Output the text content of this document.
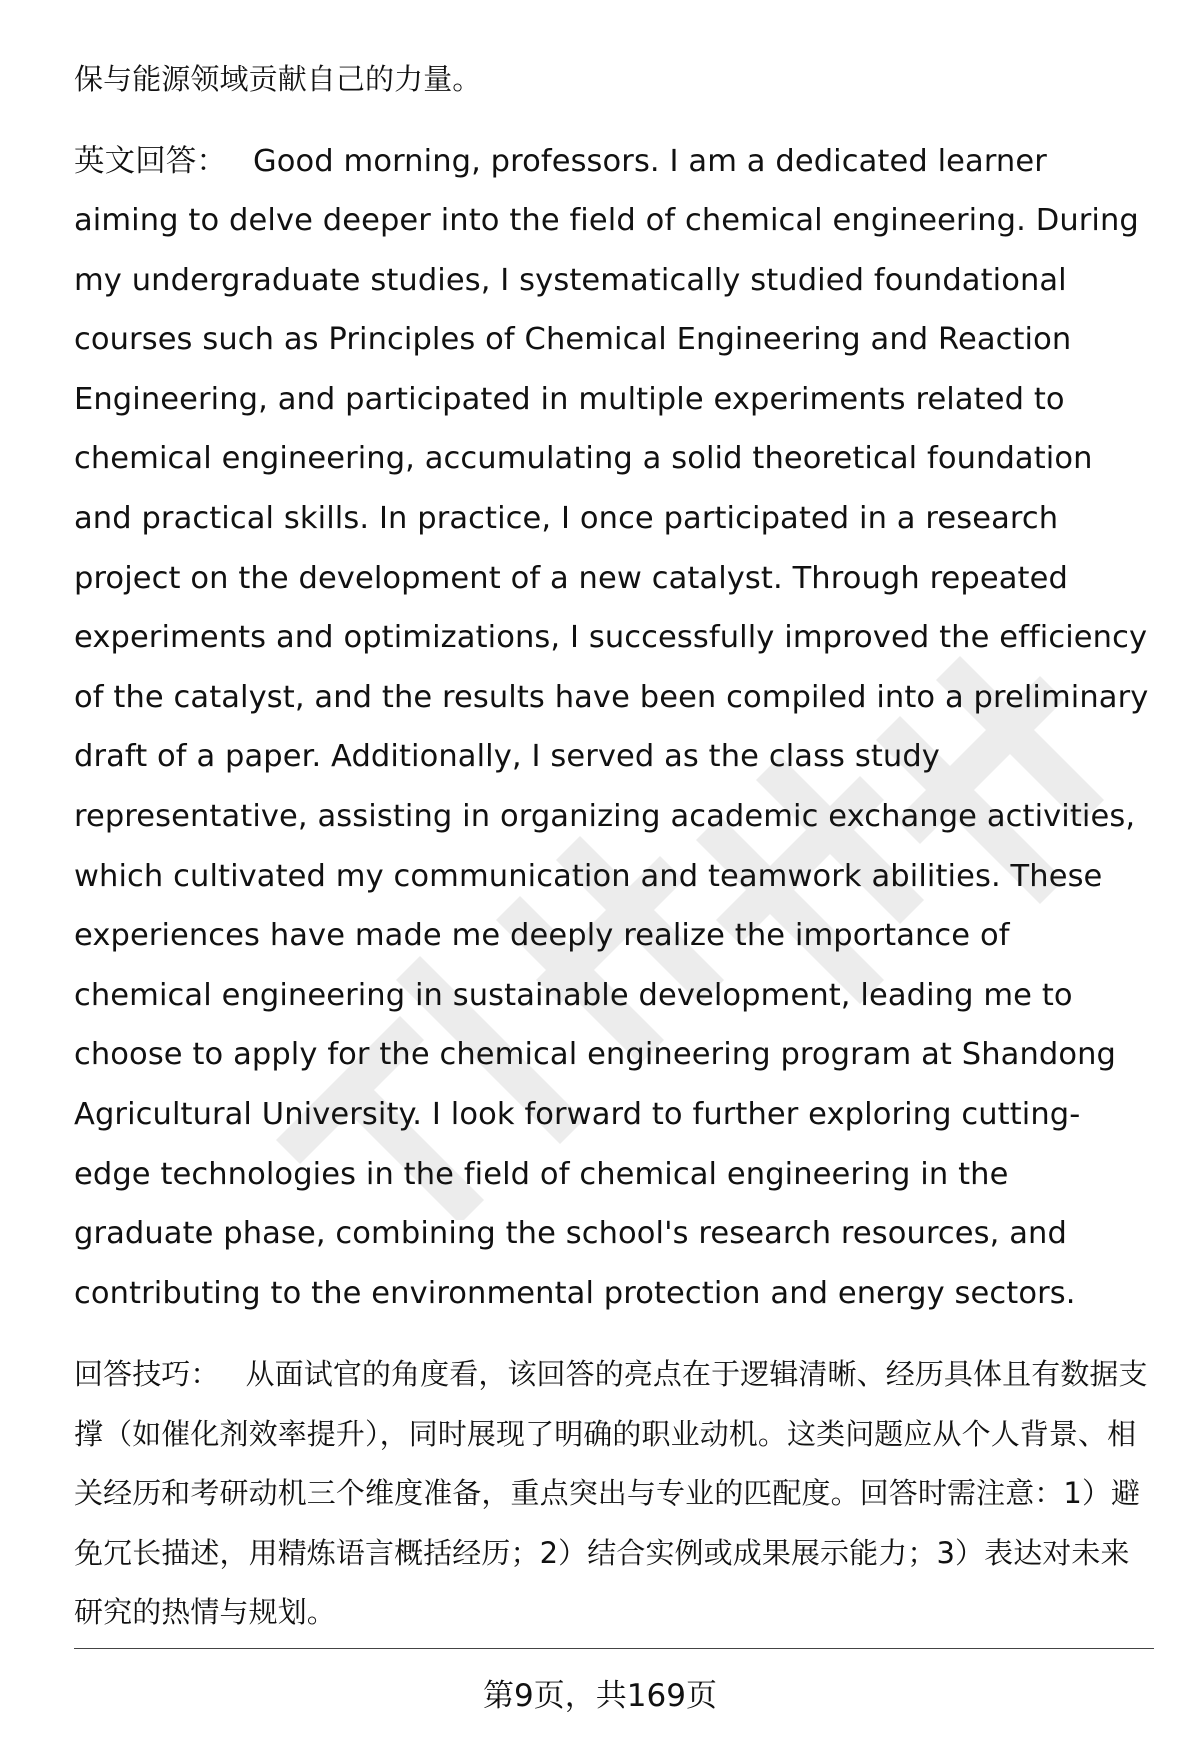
保与能源领域贡献自己的力量。

英文回答： Good morning, professors. I am a dedicated learner aiming to delve deeper into the field of chemical engineering. During my undergraduate studies, I systematically studied foundational courses such as Principles of Chemical Engineering and Reaction Engineering, and participated in multiple experiments related to chemical engineering, accumulating a solid theoretical foundation and practical skills. In practice, I once participated in a research project on the development of a new catalyst. Through repeated experiments and optimizations, I successfully improved the efficiency of the catalyst, and the results have been compiled into a preliminary draft of a paper. Additionally, I served as the class study representative, assisting in organizing academic exchange activities, which cultivated my communication and teamwork abilities. These experiences have made me deeply realize the importance of chemical engineering in sustainable development, leading me to choose to apply for the chemical engineering program at Shandong Agricultural University. I look forward to further exploring cutting-edge technologies in the field of chemical engineering in the graduate phase, combining the school's research resources, and contributing to the environmental protection and energy sectors.

回答技巧： 从面试官的角度看，该回答的亮点在于逻辑清晰、经历具体且有数据支撑（如催化剂效率提升），同时展现了明确的职业动机。这类问题应从个人背景、相关经历和考研动机三个维度准备，重点突出与专业的匹配度。回答时需注意：1）避免冗长描述，用精炼语言概括经历；2）结合实例或成果展示能力；3）表达对未来研究的热情与规划。

第9页，共169页
